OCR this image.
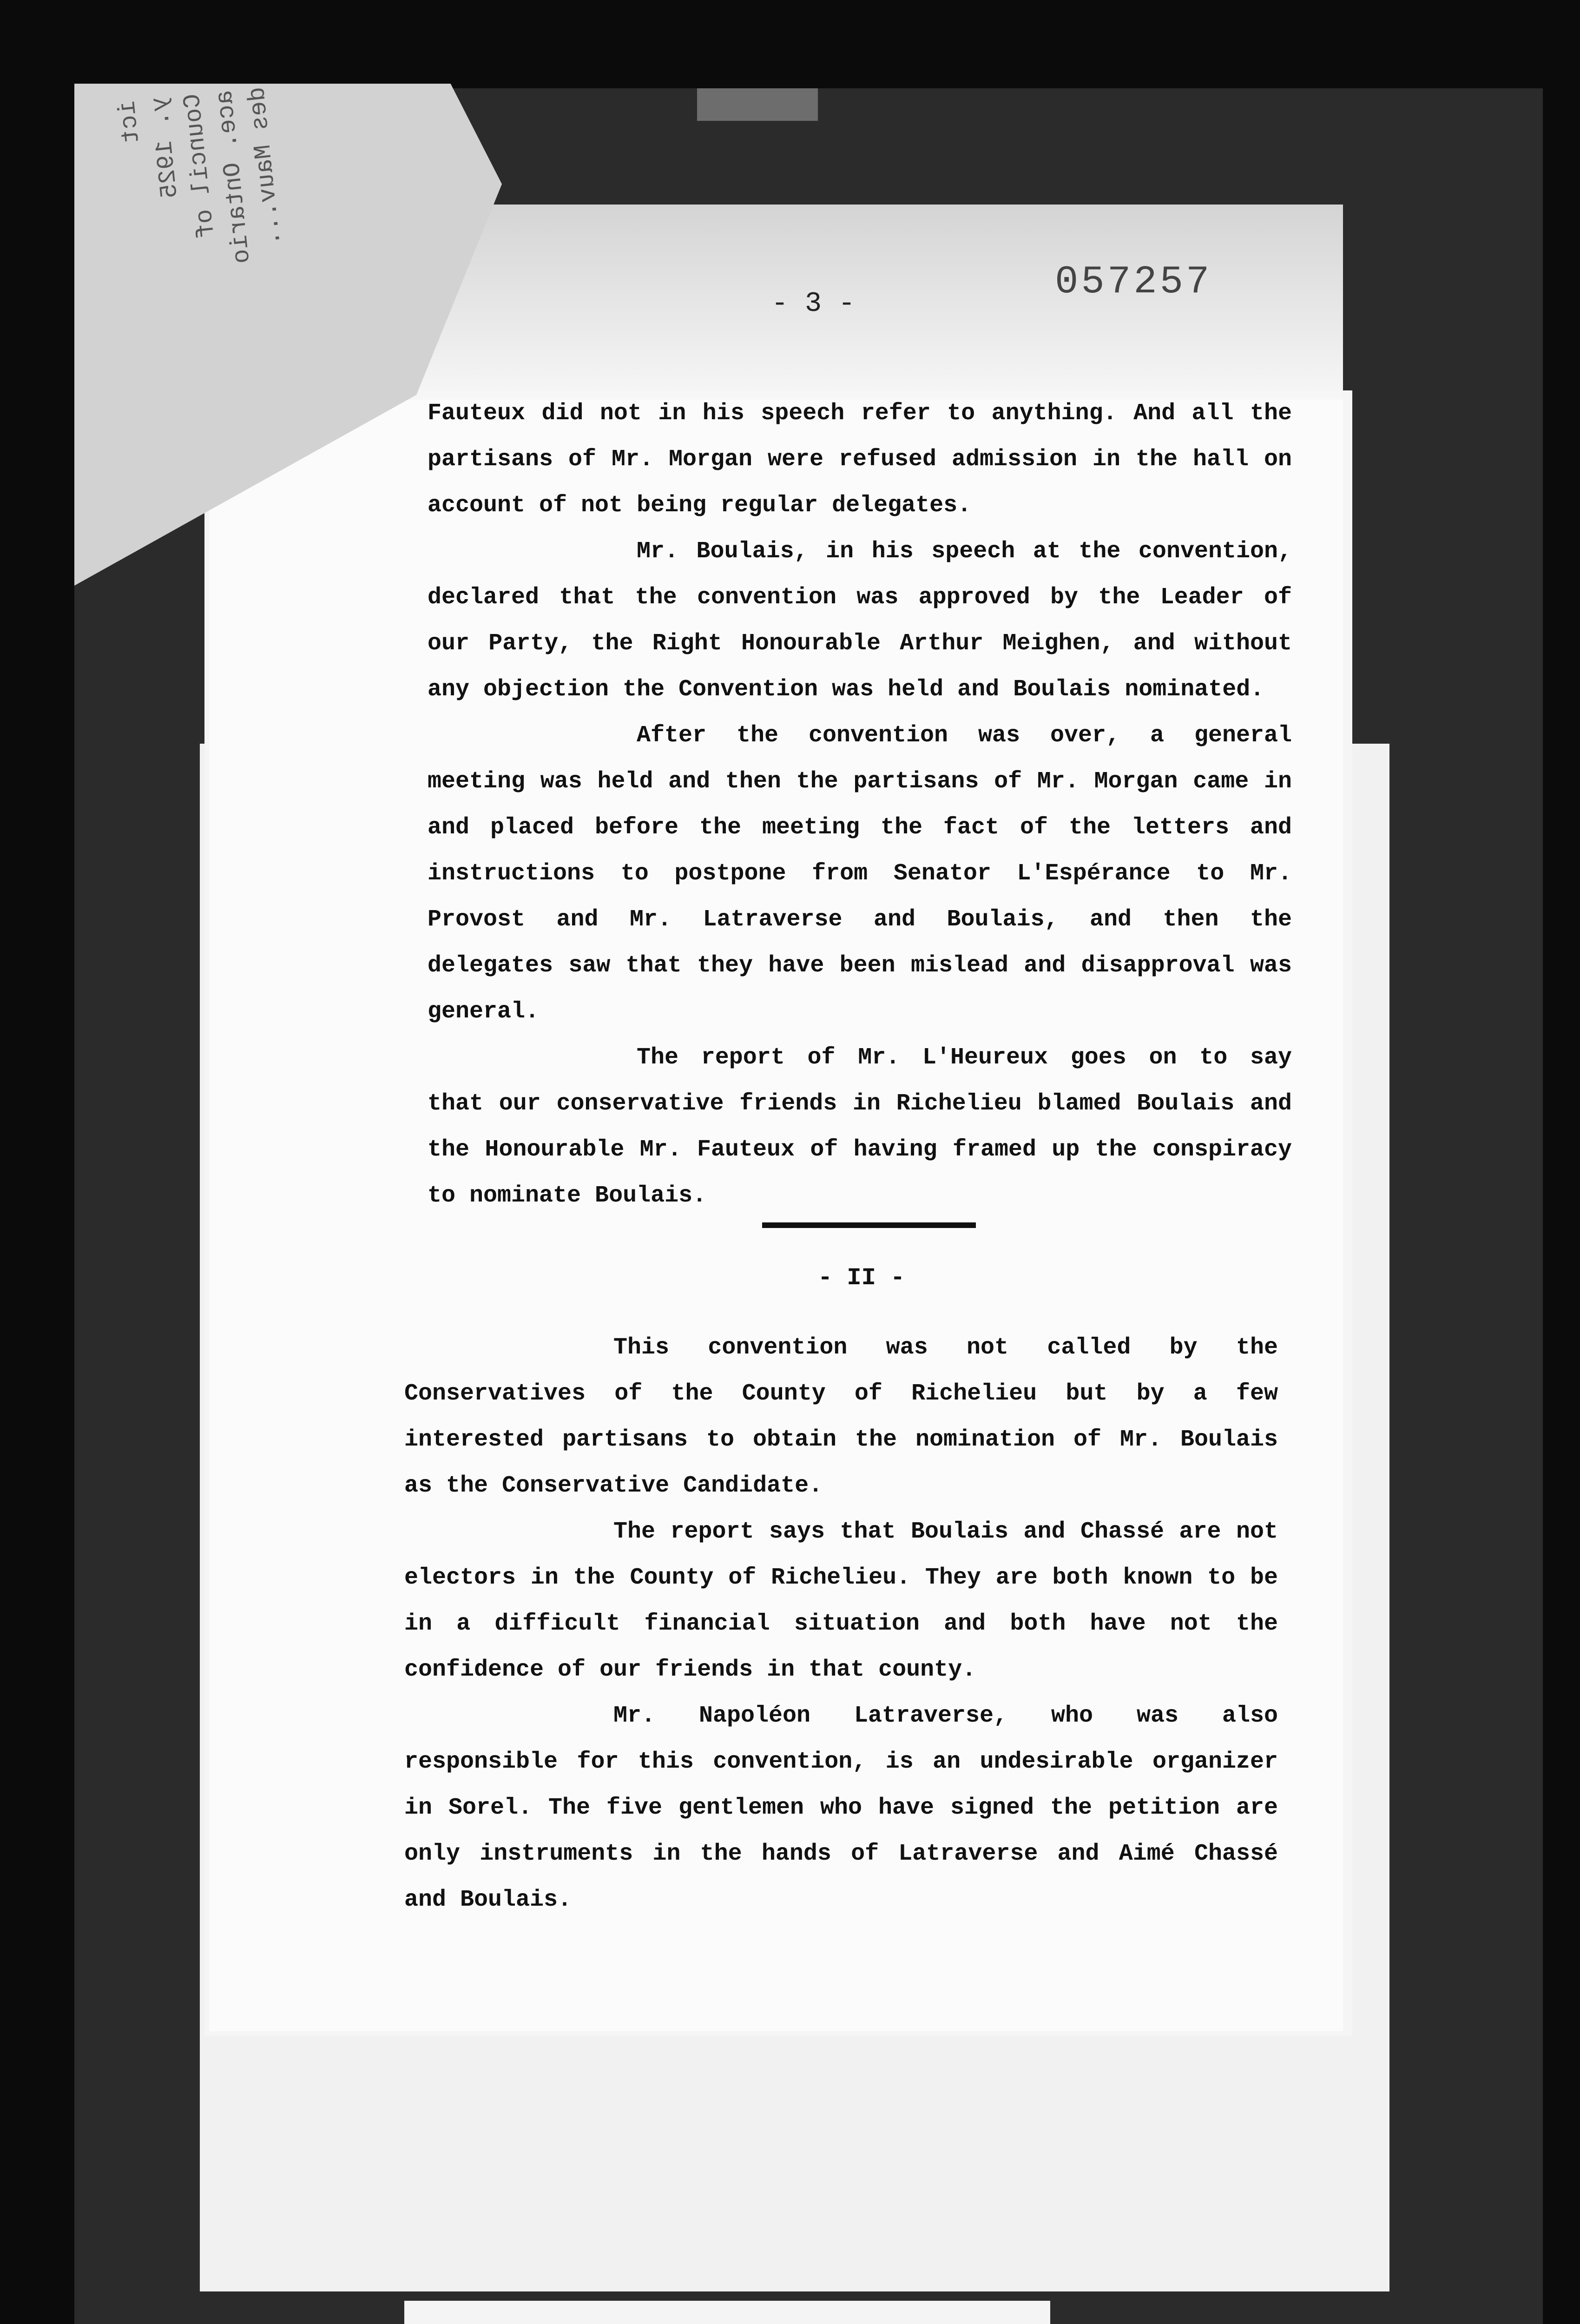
ict
y. 1925
Council of
ace. Ontario
des Mauv...
- 3 -	057257

Fauteux did not in his speech refer to anything. And all the partisans of Mr. Morgan were refused admission in the hall on account of not being regular delegates.

Mr. Boulais, in his speech at the convention, declared that the convention was approved by the Leader of our Party, the Right Honourable Arthur Meighen, and without any objection the Convention was held and Boulais nominated.

After the convention was over, a general meeting was held and then the partisans of Mr. Morgan came in and placed before the meeting the fact of the letters and instructions to postpone from Senator L'Espérance to Mr. Provost and Mr. Latraverse and Boulais, and then the delegates saw that they have been mislead and disapproval was general.

The report of Mr. L'Heureux goes on to say that our conservative friends in Richelieu blamed Boulais and the Honourable Mr. Fauteux of having framed up the conspiracy to nominate Boulais.

- II -

This convention was not called by the Conservatives of the County of Richelieu but by a few interested partisans to obtain the nomination of Mr. Boulais as the Conservative Candidate.

The report says that Boulais and Chassé are not electors in the County of Richelieu. They are both known to be in a difficult financial situation and both have not the confidence of our friends in that county.

Mr. Napoléon Latraverse, who was also responsible for this convention, is an undesirable organizer in Sorel. The five gentlemen who have signed the petition are only instruments in the hands of Latraverse and Aimé Chassé and Boulais.
